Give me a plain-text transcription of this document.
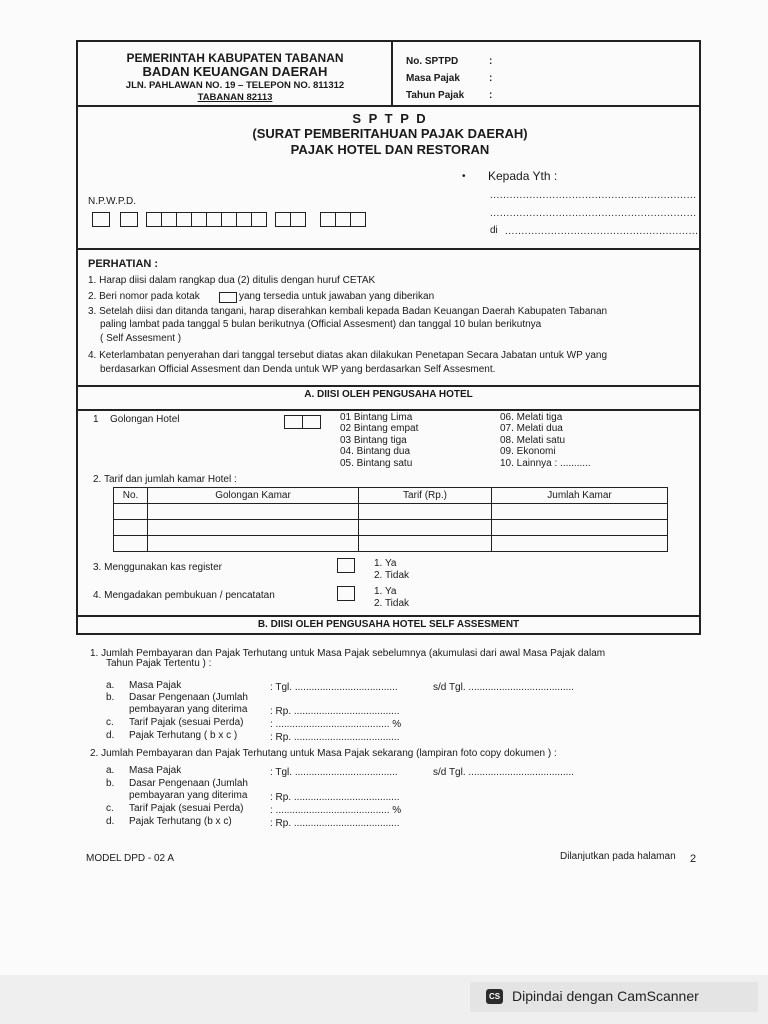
PEMERINTAH KABUPATEN TABANAN
BADAN KEUANGAN DAERAH
JLN. PAHLAWAN NO. 19 – TELEPON NO. 811312
TABANAN 82113
No. SPTPD	:
Masa Pajak	:
Tahun Pajak :
S P T P D
(SURAT PEMBERITAHUAN PAJAK DAERAH)
PAJAK HOTEL DAN RESTORAN
• Kepada Yth :
...............................................................
...............................................................
di ...........................................................
N.P.W.P.D.
PERHATIAN :
1. Harap diisi dalam rangkap dua (2) ditulis dengan huruf CETAK
2. Beri nomor pada kotak	yang tersedia untuk jawaban yang diberikan
3. Setelah diisi dan ditanda tangani, harap diserahkan kembali kepada Badan Keuangan Daerah Kabupaten Tabanan
paling lambat pada tanggal 5 bulan berikutnya (Official Assesment) dan tanggal 10 bulan berikutnya
( Self Assesment )
4. Keterlambatan penyerahan dari tanggal tersebut diatas akan dilakukan Penetapan Secara Jabatan untuk WP yang
berdasarkan Official Assesment dan Denda untuk WP yang berdasarkan Self Assesment.
A. DIISI OLEH PENGUSAHA HOTEL
1 Golongan Hotel	01 Bintang Lima
02 Bintang empat
03 Bintang tiga
04. Bintang dua
05. Bintang satu
06. Melati tiga
07. Melati dua
08. Melati satu
09. Ekonomi
10. Lainnya : ...........
2. Tarif dan jumlah kamar Hotel :
No.	Golongan Kamar	Tarif (Rp.)	Jumlah Kamar

3. Menggunakan kas register	1. Ya
2. Tidak
4. Mengadakan pembukuan / pencatatan	1. Ya
2. Tidak
B. DIISI OLEH PENGUSAHA HOTEL SELF ASSESMENT
1. Jumlah Pembayaran dan Pajak Terhutang untuk Masa Pajak sebelumnya (akumulasi dari awal Masa Pajak dalam
Tahun Pajak Tertentu ) :
a. Masa Pajak	: Tgl. .....................................	s/d Tgl. ......................................
b. Dasar Pengenaan (Jumlah
pembayaran yang diterima : Rp. ......................................
c. Tarif Pajak (sesuai Perda)	: ......................................... %
d. Pajak Terhutang ( b x c )	: Rp. ......................................
2. Jumlah Pembayaran dan Pajak Terhutang untuk Masa Pajak sekarang (lampiran foto copy dokumen ) :
a. Masa Pajak	: Tgl. .....................................	s/d Tgl. ......................................
b. Dasar Pengenaan (Jumlah
pembayaran yang diterima : Rp. ......................................
c. Tarif Pajak (sesuai Perda)	: ......................................... %
d. Pajak Terhutang (b x c)	: Rp. ......................................
MODEL DPD - 02 A	Dilanjutkan pada halaman 2
CS Dipindai dengan CamScanner
